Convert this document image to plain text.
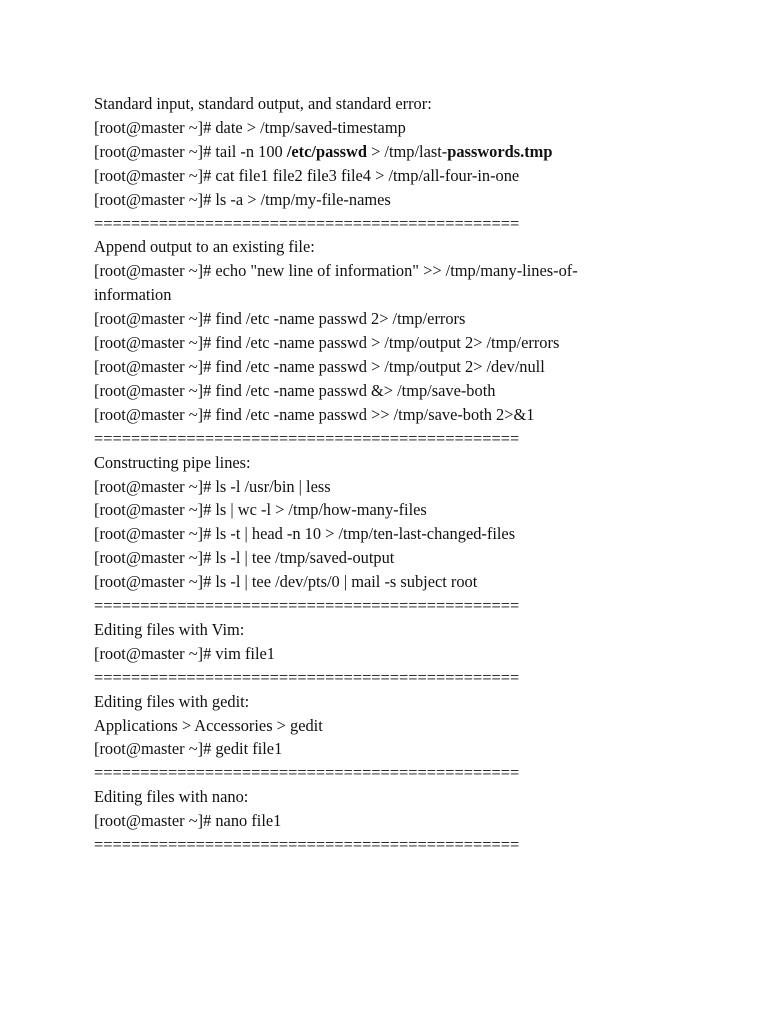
Standard input, standard output, and standard error:

[root@master ~]# date > /tmp/saved-timestamp

[root@master ~]# tail -n 100 /etc/passwd > /tmp/last-passwords.tmp

[root@master ~]# cat file1 file2 file3 file4 > /tmp/all-four-in-one

[root@master ~]# ls -a > /tmp/my-file-names

==============================================

Append output to an existing file:

[root@master ~]# echo "new line of information" >> /tmp/many-lines-of-information

[root@master ~]# find /etc -name passwd 2> /tmp/errors

[root@master ~]# find /etc -name passwd > /tmp/output 2> /tmp/errors

[root@master ~]# find /etc -name passwd > /tmp/output 2> /dev/null

[root@master ~]# find /etc -name passwd &> /tmp/save-both

[root@master ~]# find /etc -name passwd >> /tmp/save-both 2>&1

==============================================

Constructing pipe lines:

[root@master ~]# ls -l /usr/bin | less

[root@master ~]# ls | wc -l > /tmp/how-many-files

[root@master ~]# ls -t | head -n 10 > /tmp/ten-last-changed-files

[root@master ~]# ls -l | tee /tmp/saved-output

[root@master ~]# ls -l | tee /dev/pts/0 | mail -s subject root

==============================================

Editing files with Vim:

[root@master ~]# vim file1

==============================================

Editing files with gedit:

Applications > Accessories > gedit

[root@master ~]# gedit file1

==============================================

Editing files with nano:

[root@master ~]# nano file1

==============================================
